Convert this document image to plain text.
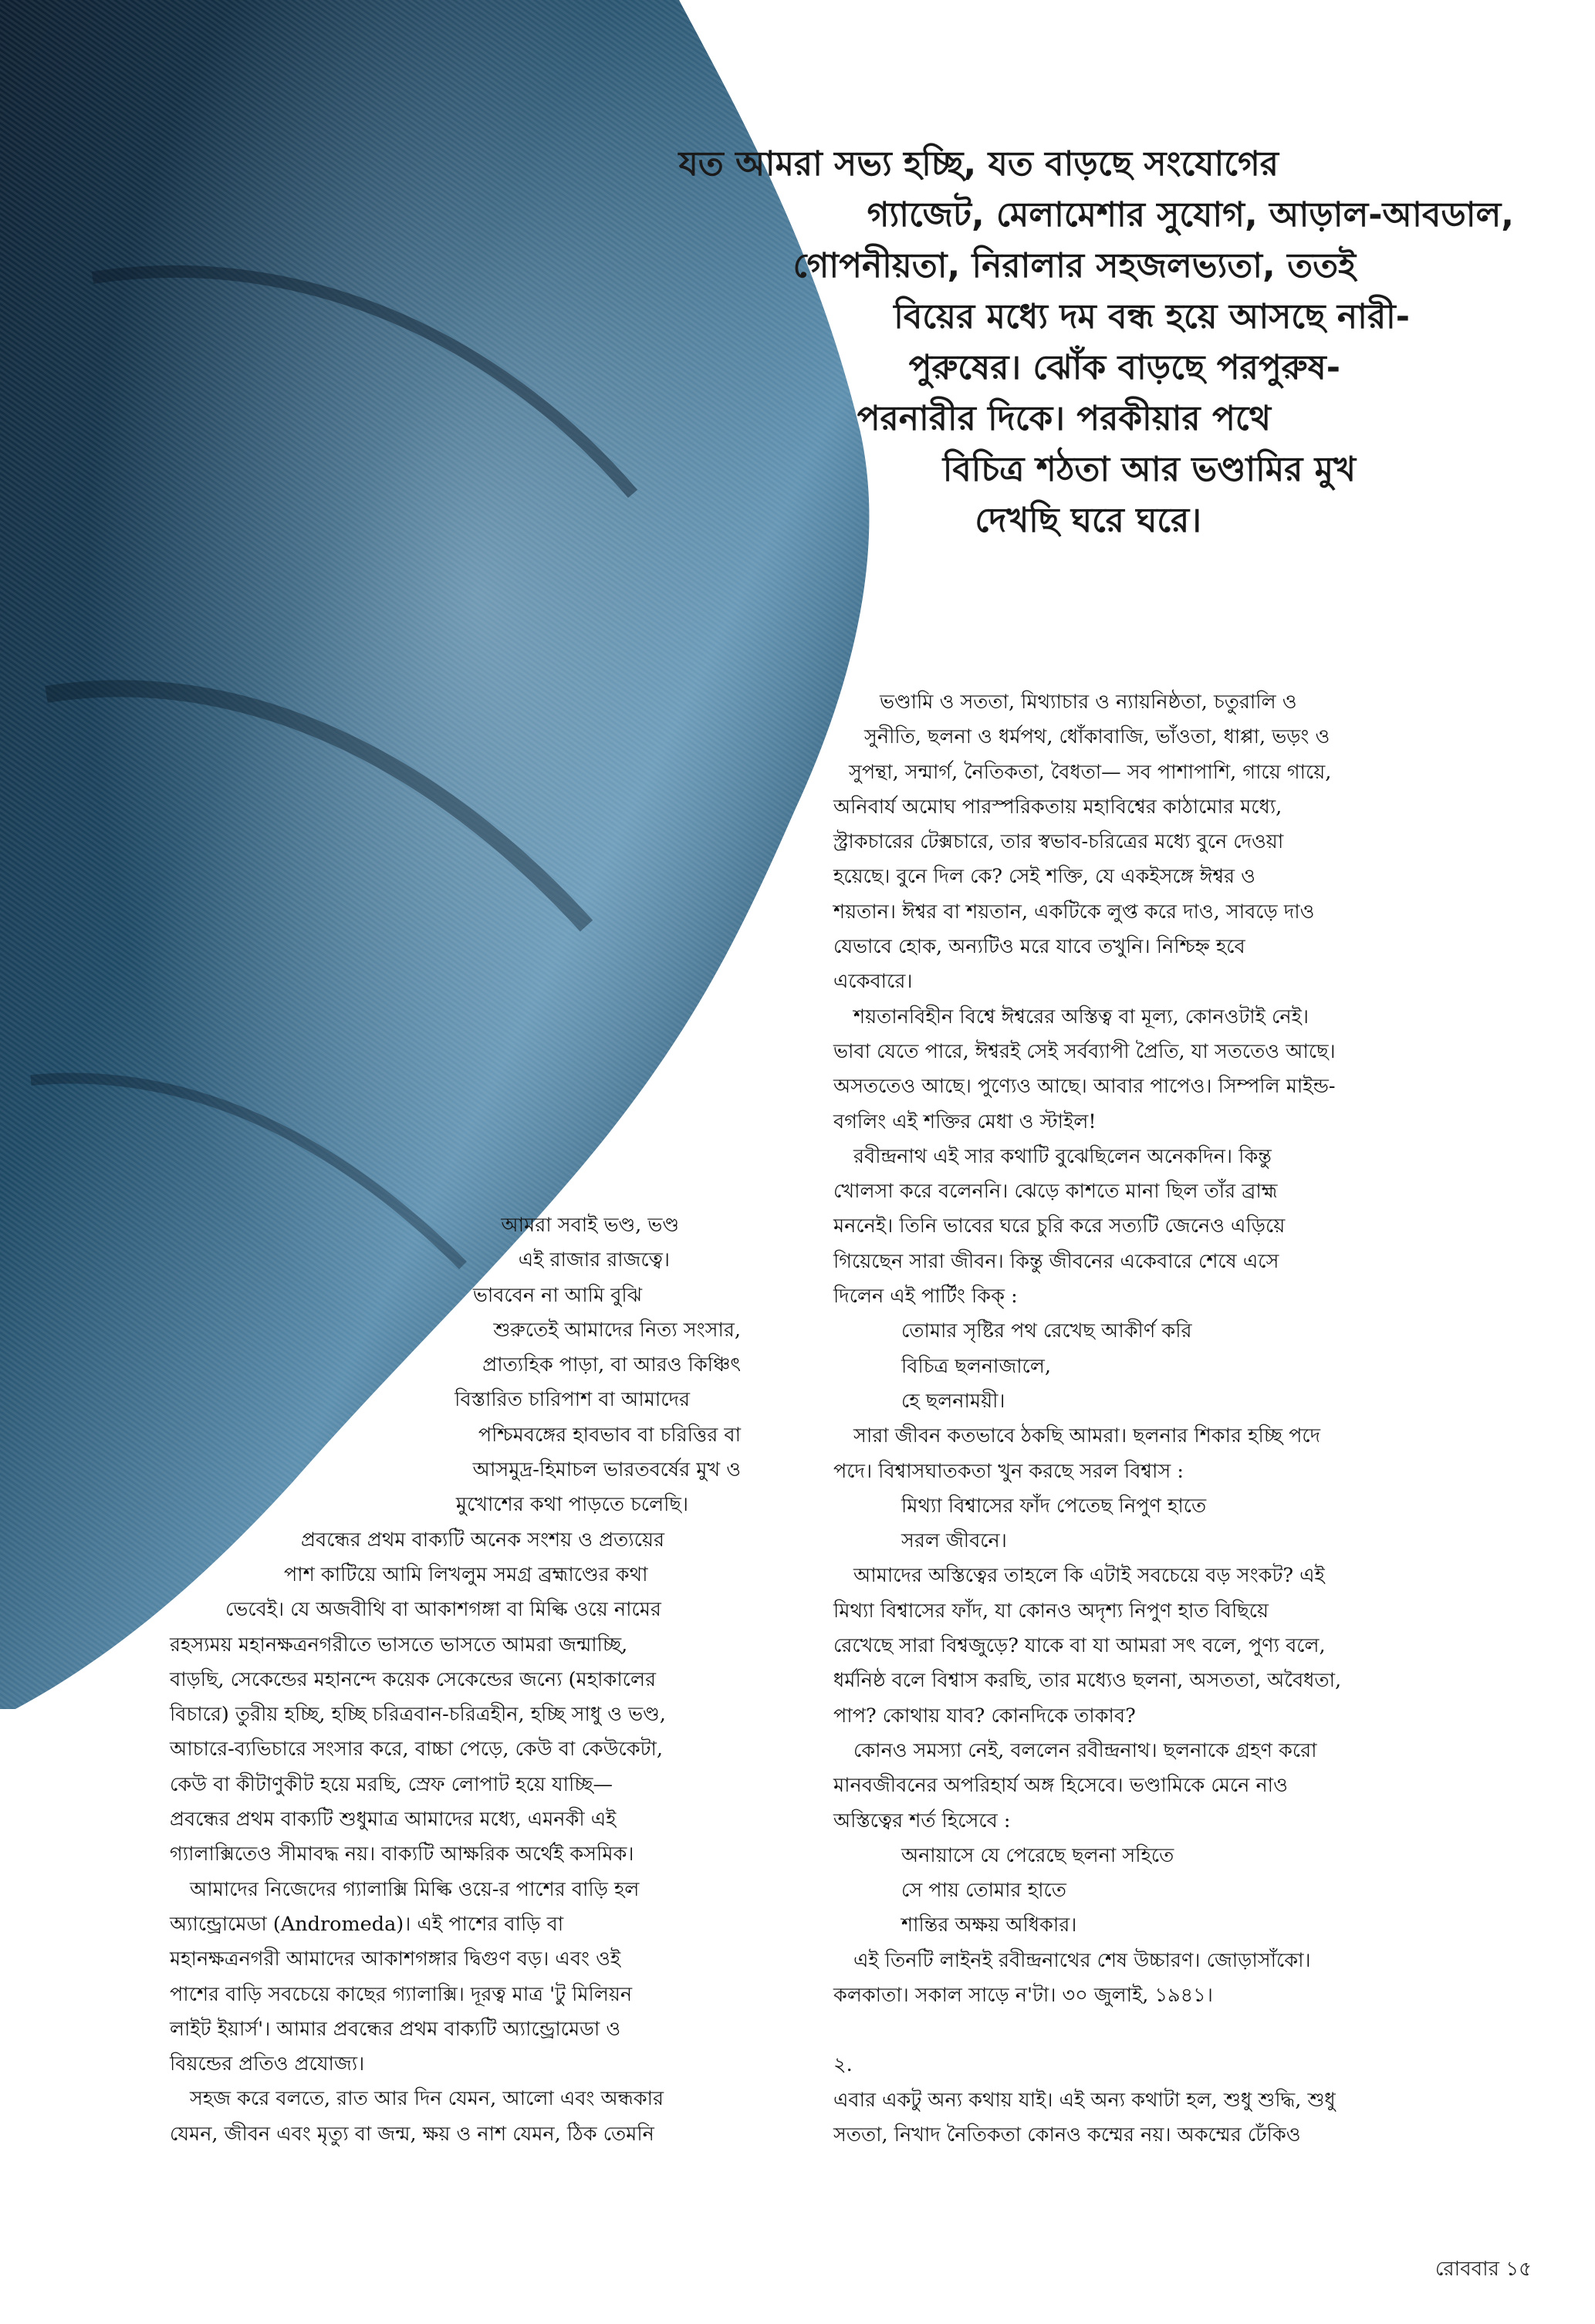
যত আমরা সভ্য হচ্ছি, যত বাড়ছে সংযোগের
গ্যাজেট, মেলামেশার সুযোগ, আড়াল-আবডাল,
গোপনীয়তা, নিরালার সহজলভ্যতা, ততই
বিয়ের মধ্যে দম বন্ধ হয়ে আসছে নারী-
পুরুষের। ঝোঁক বাড়ছে পরপুরুষ-
পরনারীর দিকে। পরকীয়ার পথে
বিচিত্র শঠতা আর ভণ্ডামির মুখ
দেখছি ঘরে ঘরে।

আমরা সবাই ভণ্ড, ভণ্ড
এই রাজার রাজত্বে।
ভাববেন না আমি বুঝি
শুরুতেই আমাদের নিত্য সংসার,
প্রাত্যহিক পাড়া, বা আরও কিঞ্চিৎ
বিস্তারিত চারিপাশ বা আমাদের
পশ্চিমবঙ্গের হাবভাব বা চরিত্তির বা
আসমুদ্র-হিমাচল ভারতবর্ষের মুখ ও
মুখোশের কথা পাড়তে চলেছি।
প্রবন্ধের প্রথম বাক্যটি অনেক সংশয় ও প্রত্যয়ের
পাশ কাটিয়ে আমি লিখলুম সমগ্র ব্রহ্মাণ্ডের কথা
ভেবেই। যে অজবীথি বা আকাশগঙ্গা বা মিল্কি ওয়ে নামের
রহস্যময় মহানক্ষত্রনগরীতে ভাসতে ভাসতে আমরা জন্মাচ্ছি,
বাড়ছি, সেকেন্ডের মহানন্দে কয়েক সেকেন্ডের জন্যে (মহাকালের
বিচারে) তুরীয় হচ্ছি, হচ্ছি চরিত্রবান-চরিত্রহীন, হচ্ছি সাধু ও ভণ্ড,
আচারে-ব্যভিচারে সংসার করে, বাচ্চা পেড়ে, কেউ বা কেউকেটা,
কেউ বা কীটাণুকীট হয়ে মরছি, স্রেফ লোপাট হয়ে যাচ্ছি—
প্রবন্ধের প্রথম বাক্যটি শুধুমাত্র আমাদের মধ্যে, এমনকী এই
গ্যালাক্সিতেও সীমাবদ্ধ নয়। বাক্যটি আক্ষরিক অর্থেই কসমিক।

আমাদের নিজেদের গ্যালাক্সি মিল্কি ওয়ে-র পাশের বাড়ি হল
অ্যান্ড্রোমেডা (Andromeda)। এই পাশের বাড়ি বা
মহানক্ষত্রনগরী আমাদের আকাশগঙ্গার দ্বিগুণ বড়। এবং ওই
পাশের বাড়ি সবচেয়ে কাছের গ্যালাক্সি। দূরত্ব মাত্র 'টু মিলিয়ন
লাইট ইয়ার্স'। আমার প্রবন্ধের প্রথম বাক্যটি অ্যান্ড্রোমেডা ও
বিয়ন্ডের প্রতিও প্রযোজ্য।

সহজ করে বলতে, রাত আর দিন যেমন, আলো এবং অন্ধকার
যেমন, জীবন এবং মৃত্যু বা জন্ম, ক্ষয় ও নাশ যেমন, ঠিক তেমনি

ভণ্ডামি ও সততা, মিথ্যাচার ও ন্যায়নিষ্ঠতা, চতুরালি ও
সুনীতি, ছলনা ও ধর্মপথ, ধোঁকাবাজি, ভাঁওতা, ধাপ্পা, ভড়ং ও
সুপন্থা, সন্মার্গ, নৈতিকতা, বৈধতা— সব পাশাপাশি, গায়ে গায়ে,
অনিবার্য অমোঘ পারস্পরিকতায় মহাবিশ্বের কাঠামোর মধ্যে,
স্ট্রাকচারের টেক্সচারে, তার স্বভাব-চরিত্রের মধ্যে বুনে দেওয়া
হয়েছে। বুনে দিল কে? সেই শক্তি, যে একইসঙ্গে ঈশ্বর ও
শয়তান। ঈশ্বর বা শয়তান, একটিকে লুপ্ত করে দাও, সাবড়ে দাও
যেভাবে হোক, অন্যটিও মরে যাবে তখুনি। নিশ্চিহ্ন হবে
একেবারে।

শয়তানবিহীন বিশ্বে ঈশ্বরের অস্তিত্ব বা মূল্য, কোনওটাই নেই।
ভাবা যেতে পারে, ঈশ্বরই সেই সর্বব্যাপী প্রৈতি, যা সততেও আছে।
অসততেও আছে। পুণ্যেও আছে। আবার পাপেও। সিম্পলি মাইন্ড-
বগলিং এই শক্তির মেধা ও স্টাইল!

রবীন্দ্রনাথ এই সার কথাটি বুঝেছিলেন অনেকদিন। কিন্তু
খোলসা করে বলেননি। ঝেড়ে কাশতে মানা ছিল তাঁর ব্রাহ্ম
মননেই। তিনি ভাবের ঘরে চুরি করে সত্যটি জেনেও এড়িয়ে
গিয়েছেন সারা জীবন। কিন্তু জীবনের একেবারে শেষে এসে
দিলেন এই পার্টিং কিক্‌ :

তোমার সৃষ্টির পথ রেখেছ আকীর্ণ করি
বিচিত্র ছলনাজালে,
হে ছলনাময়ী।

সারা জীবন কতভাবে ঠকছি আমরা। ছলনার শিকার হচ্ছি পদে
পদে। বিশ্বাসঘাতকতা খুন করছে সরল বিশ্বাস :

মিথ্যা বিশ্বাসের ফাঁদ পেতেছ নিপুণ হাতে
সরল জীবনে।

আমাদের অস্তিত্বের তাহলে কি এটাই সবচেয়ে বড় সংকট? এই
মিথ্যা বিশ্বাসের ফাঁদ, যা কোনও অদৃশ্য নিপুণ হাত বিছিয়ে
রেখেছে সারা বিশ্বজুড়ে? যাকে বা যা আমরা সৎ বলে, পুণ্য বলে,
ধর্মনিষ্ঠ বলে বিশ্বাস করছি, তার মধ্যেও ছলনা, অসততা, অবৈধতা,
পাপ? কোথায় যাব? কোনদিকে তাকাব?

কোনও সমস্যা নেই, বললেন রবীন্দ্রনাথ। ছলনাকে গ্রহণ করো
মানবজীবনের অপরিহার্য অঙ্গ হিসেবে। ভণ্ডামিকে মেনে নাও
অস্তিত্বের শর্ত হিসেবে :

অনায়াসে যে পেরেছে ছলনা সহিতে
সে পায় তোমার হাতে
শান্তির অক্ষয় অধিকার।

এই তিনটি লাইনই রবীন্দ্রনাথের শেষ উচ্চারণ। জোড়াসাঁকো।
কলকাতা। সকাল সাড়ে ন'টা। ৩০ জুলাই, ১৯৪১।

২.

এবার একটু অন্য কথায় যাই। এই অন্য কথাটা হল, শুধু শুদ্ধি, শুধু
সততা, নিখাদ নৈতিকতা কোনও কম্মের নয়। অকম্মের ঢেঁকিও

রোববার ১৫
